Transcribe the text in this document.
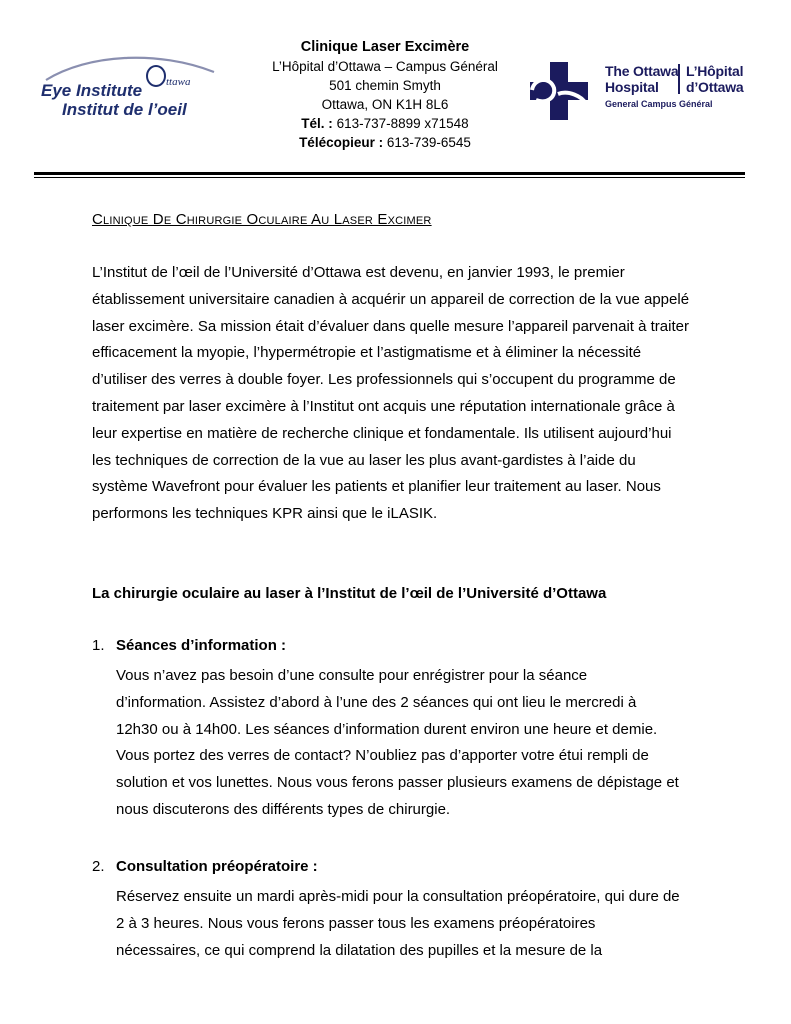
ttawa
Eye Institute
Institut de l’oeil
Clinique Laser Excimère
L’Hôpital d’Ottawa – Campus Général
501 chemin Smyth
Ottawa, ON K1H 8L6
Tél. : 613-737-8899 x71548
Télécopieur : 613-739-6545
The Ottawa
Hospital
L’Hôpital
d’Ottawa
General Campus Général
Clinique De Chirurgie Oculaire Au Laser Excimer
L’Institut de l’œil de l’Université d’Ottawa est devenu, en janvier 1993, le premier établissement universitaire canadien à acquérir un appareil de correction de la vue appelé laser excimère. Sa mission était d’évaluer dans quelle mesure l’appareil parvenait à traiter efficacement la myopie, l’hypermétropie et l’astigmatisme et à éliminer la nécessité d’utiliser des verres à double foyer. Les professionnels qui s’occupent du programme de traitement par laser excimère à l’Institut ont acquis une réputation internationale grâce à leur expertise en matière de recherche clinique et fondamentale. Ils utilisent aujourd’hui les techniques de correction de la vue au laser les plus avant-gardistes à l’aide du système Wavefront pour évaluer les patients et planifier leur traitement au laser. Nous performons les techniques KPR ainsi que le iLASIK.
La chirurgie oculaire au laser à l’Institut de l’œil de l’Université d’Ottawa
1. Séances d’information :
Vous n’avez pas besoin d’une consulte pour enrégistrer pour la séance d’information. Assistez d’abord à l’une des 2 séances qui ont lieu le mercredi à 12h30 ou à 14h00. Les séances d’information durent environ une heure et demie. Vous portez des verres de contact? N’oubliez pas d’apporter votre étui rempli de solution et vos lunettes. Nous vous ferons passer plusieurs examens de dépistage et nous discuterons des différents types de chirurgie.
2. Consultation préopératoire :
Réservez ensuite un mardi après-midi pour la consultation préopératoire, qui dure de 2 à 3 heures. Nous vous ferons passer tous les examens préopératoires nécessaires, ce qui comprend la dilatation des pupilles et la mesure de la
